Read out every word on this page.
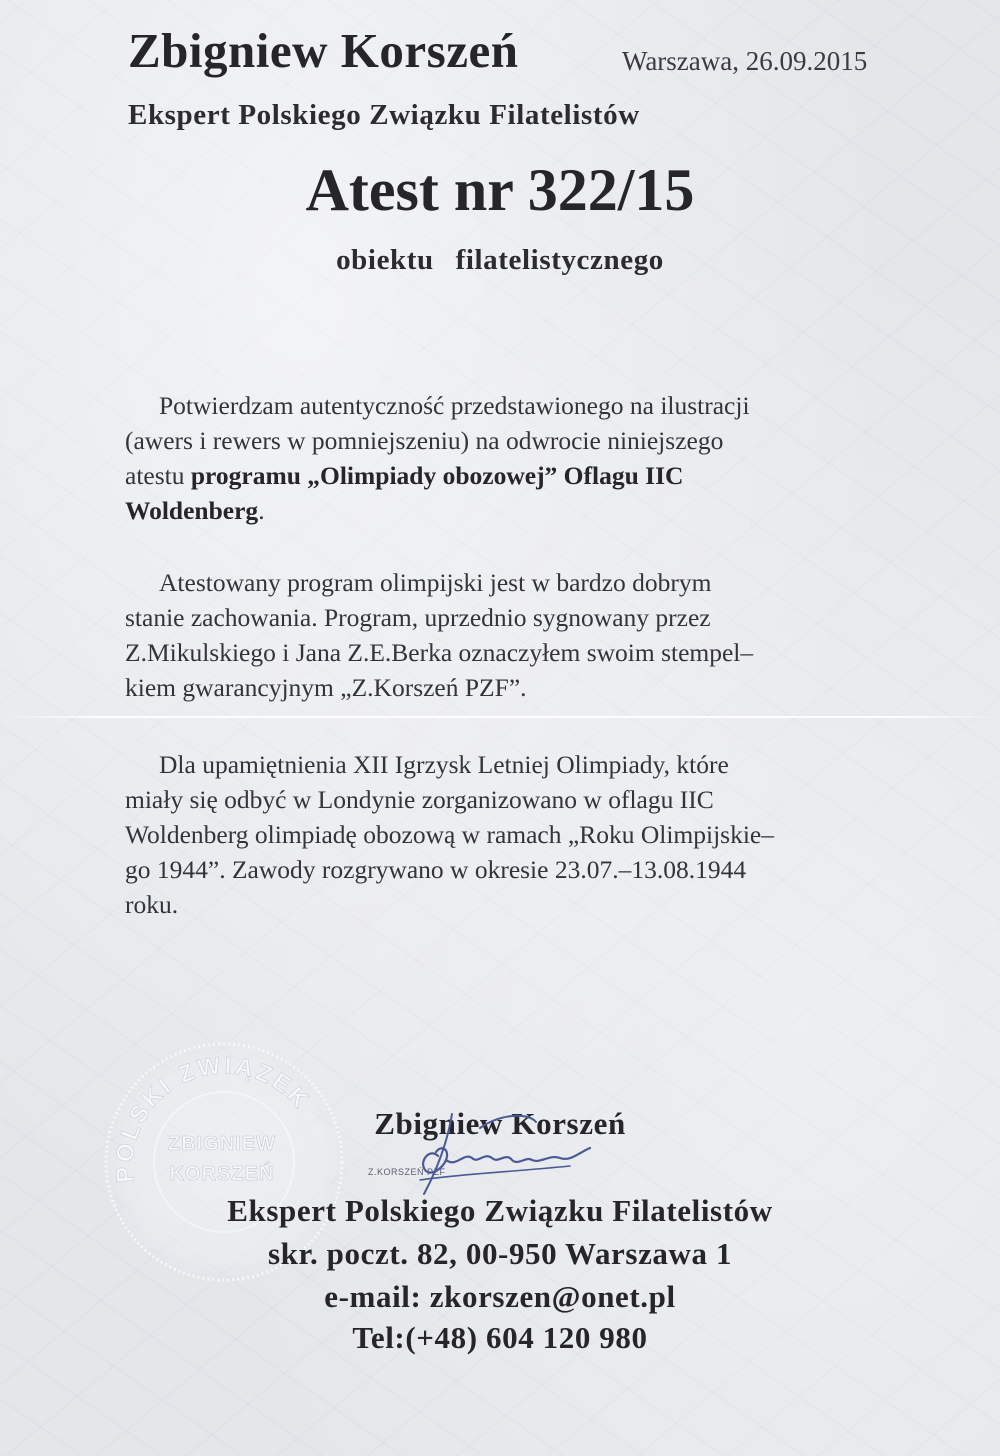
Zbigniew Korszeń	Warszawa, 26.09.2015
Ekspert Polskiego Związku Filatelistów
Atest nr 322/15
obiektu filatelistycznego
Potwierdzam autentyczność przedstawionego na ilustracji
(awers i rewers w pomniejszeniu) na odwrocie niniejszego
atestu programu „Olimpiady obozowej” Oflagu IIC
Woldenberg.
Atestowany program olimpijski jest w bardzo dobrym
stanie zachowania. Program, uprzednio sygnowany przez
Z.Mikulskiego i Jana Z.E.Berka oznaczyłem swoim stempel–
kiem gwarancyjnym „Z.Korszeń PZF”.
Dla upamiętnienia XII Igrzysk Letniej Olimpiady, które
miały się odbyć w Londynie zorganizowano w oflagu IIC
Woldenberg olimpiadę obozową w ramach „Roku Olimpijskie–
go 1944”. Zawody rozgrywano w okresie 23.07.–13.08.1944
roku.
POLSKI ZWIĄZEK
ZBIGNIEW
KORSZEŃ
Zbigniew Korszeń
Z.KORSZEŃ PZF
Ekspert Polskiego Związku Filatelistów
skr. poczt. 82, 00-950 Warszawa 1
e-mail: zkorszen@onet.pl
Tel:(+48) 604 120 980
